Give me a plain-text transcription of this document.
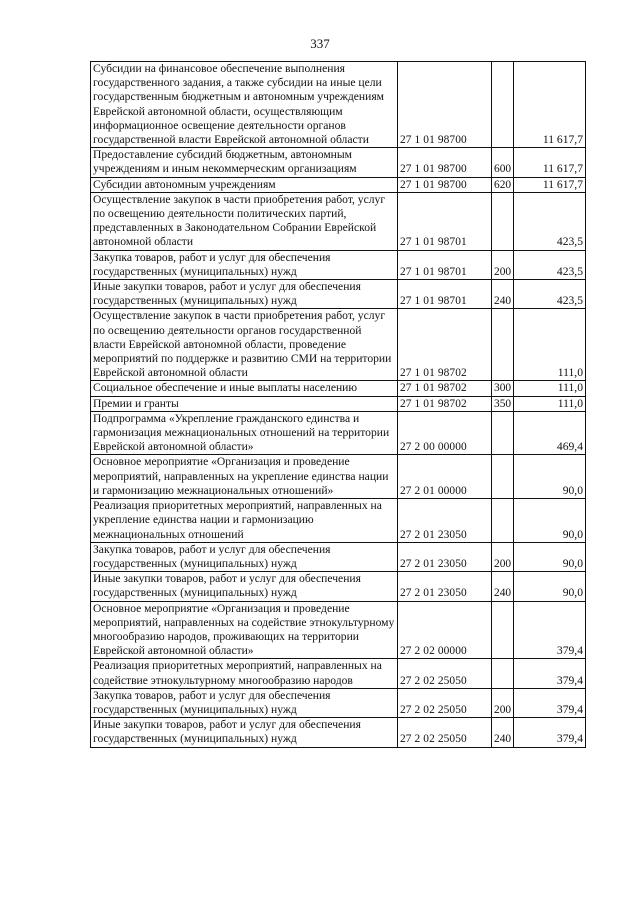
337
Субсидии на финансовое обеспечение выполнения государственного задания, а также субсидии на иные цели государственным бюджетным и автономным учреждениям Еврейской автономной области, осуществляющим информационное освещение деятельности органов государственной власти Еврейской автономной области	27 1 01 98700		11 617,7
Предоставление субсидий бюджетным, автономным учреждениям и иным некоммерческим организациям	27 1 01 98700	600	11 617,7
Субсидии автономным учреждениям	27 1 01 98700	620	11 617,7
Осуществление закупок в части приобретения работ, услуг по освещению деятельности политических партий, представленных в Законодательном Собрании Еврейской автономной области	27 1 01 98701		423,5
Закупка товаров, работ и услуг для обеспечения государственных (муниципальных) нужд	27 1 01 98701	200	423,5
Иные закупки товаров, работ и услуг для обеспечения государственных (муниципальных) нужд	27 1 01 98701	240	423,5
Осуществление закупок в части приобретения работ, услуг по освещению деятельности органов государственной власти Еврейской автономной области, проведение мероприятий по поддержке и развитию СМИ на территории Еврейской автономной области	27 1 01 98702		111,0
Социальное обеспечение и иные выплаты населению	27 1 01 98702	300	111,0
Премии и гранты	27 1 01 98702	350	111,0
Подпрограмма «Укрепление гражданского единства и гармонизация межнациональных отношений на территории Еврейской автономной области»	27 2 00 00000		469,4
Основное мероприятие «Организация и проведение мероприятий, направленных на укрепление единства нации и гармонизацию межнациональных отношений»	27 2 01 00000		90,0
Реализация приоритетных мероприятий, направленных на укрепление единства нации и гармонизацию межнациональных отношений	27 2 01 23050		90,0
Закупка товаров, работ и услуг для обеспечения государственных (муниципальных) нужд	27 2 01 23050	200	90,0
Иные закупки товаров, работ и услуг для обеспечения государственных (муниципальных) нужд	27 2 01 23050	240	90,0
Основное мероприятие «Организация и проведение мероприятий, направленных на содействие этнокультурному многообразию народов, проживающих на территории Еврейской автономной области»	27 2 02 00000		379,4
Реализация приоритетных мероприятий, направленных на содействие этнокультурному многообразию народов	27 2 02 25050		379,4
Закупка товаров, работ и услуг для обеспечения государственных (муниципальных) нужд	27 2 02 25050	200	379,4
Иные закупки товаров, работ и услуг для обеспечения государственных (муниципальных) нужд	27 2 02 25050	240	379,4
